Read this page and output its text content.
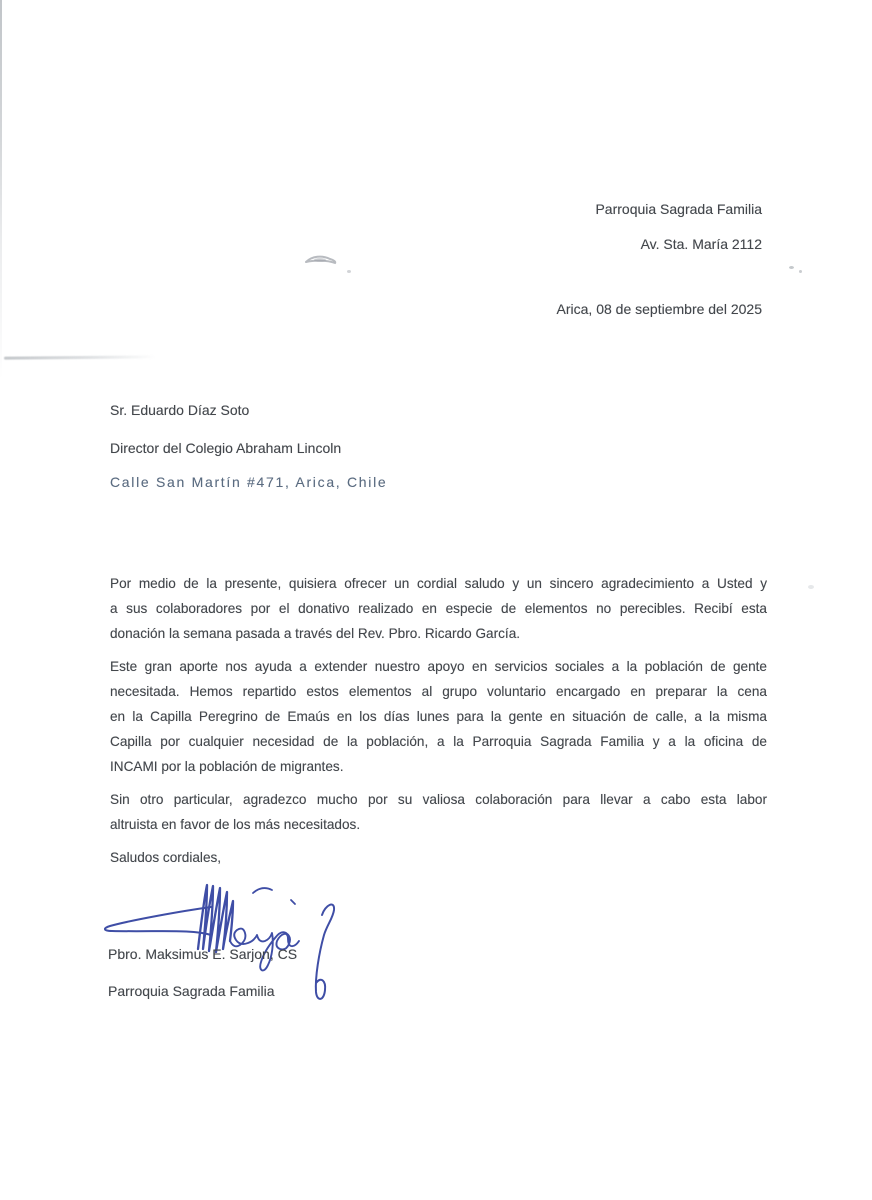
Parroquia Sagrada Familia
Av. Sta. María 2112
Arica, 08 de septiembre del 2025
Sr. Eduardo Díaz Soto
Director del Colegio Abraham Lincoln
Calle San Martín #471, Arica, Chile
Por medio de la presente, quisiera ofrecer un cordial saludo y un sincero agradecimiento a Usted y
a sus colaboradores por el donativo realizado en especie de elementos no perecibles. Recibí esta
donación la semana pasada a través del Rev. Pbro. Ricardo García.
Este gran aporte nos ayuda a extender nuestro apoyo en servicios sociales a la población de gente
necesitada. Hemos repartido estos elementos al grupo voluntario encargado en preparar la cena
en la Capilla Peregrino de Emaús en los días lunes para la gente en situación de calle, a la misma
Capilla por cualquier necesidad de la población, a la Parroquia Sagrada Familia y a la oficina de
INCAMI por la población de migrantes.
Sin otro particular, agradezco mucho por su valiosa colaboración para llevar a cabo esta labor
altruista en favor de los más necesitados.
Saludos cordiales,
Pbro. Maksimus E. Sarjon, CS
Parroquia Sagrada Familia
